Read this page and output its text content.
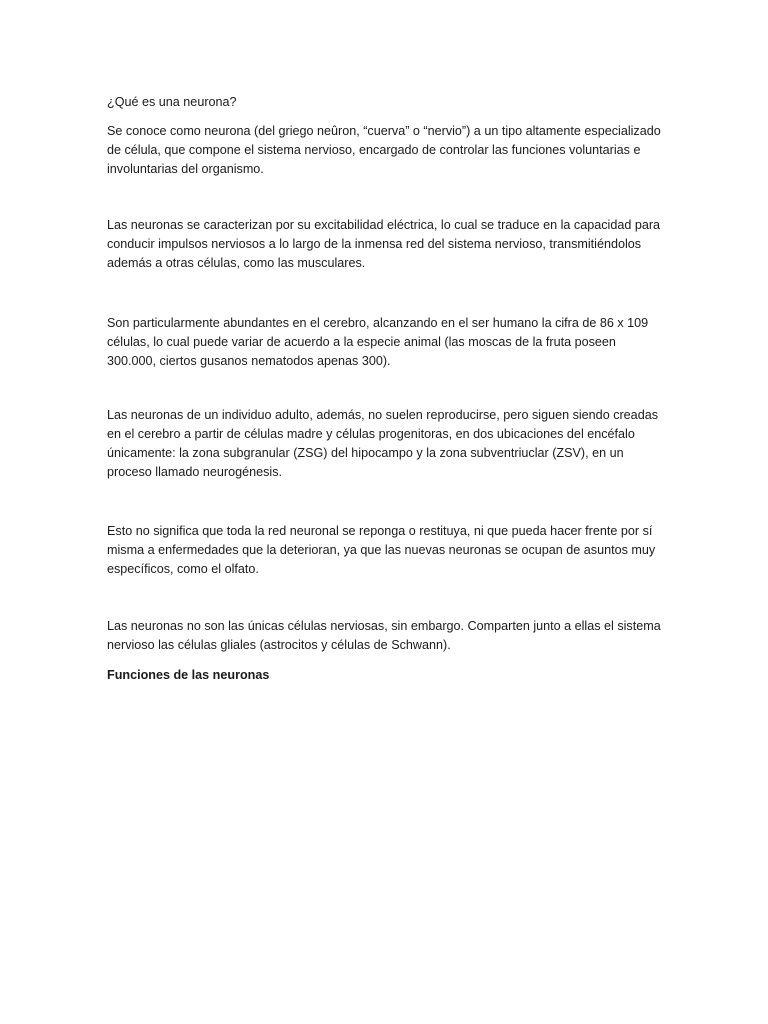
¿Qué es una neurona?

Se conoce como neurona (del griego neûron, “cuerva” o “nervio”) a un tipo altamente especializado de célula, que compone el sistema nervioso, encargado de controlar las funciones voluntarias e involuntarias del organismo.

Las neuronas se caracterizan por su excitabilidad eléctrica, lo cual se traduce en la capacidad para conducir impulsos nerviosos a lo largo de la inmensa red del sistema nervioso, transmitiéndolos además a otras células, como las musculares.

Son particularmente abundantes en el cerebro, alcanzando en el ser humano la cifra de 86 x 109 células, lo cual puede variar de acuerdo a la especie animal (las moscas de la fruta poseen 300.000, ciertos gusanos nematodos apenas 300).

Las neuronas de un individuo adulto, además, no suelen reproducirse, pero siguen siendo creadas en el cerebro a partir de células madre y células progenitoras, en dos ubicaciones del encéfalo únicamente: la zona subgranular (ZSG) del hipocampo y la zona subventriuclar (ZSV), en un proceso llamado neurogénesis.

Esto no significa que toda la red neuronal se reponga o restituya, ni que pueda hacer frente por sí misma a enfermedades que la deterioran, ya que las nuevas neuronas se ocupan de asuntos muy específicos, como el olfato.

Las neuronas no son las únicas células nerviosas, sin embargo. Comparten junto a ellas el sistema nervioso las células gliales (astrocitos y células de Schwann).

Funciones de las neuronas
